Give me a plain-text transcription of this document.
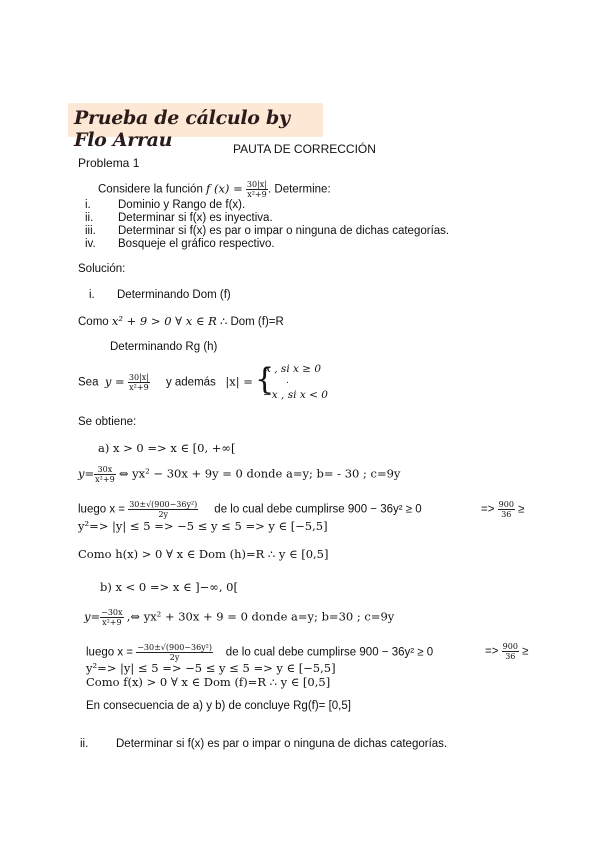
Prueba de cálculo by Flo Arrau	PAUTA DE CORRECCIÓN
Problema 1
Considere la función f $(x) = \frac{30|x|}{\text{x²+9}}$ . Determine:
i. Dominio y Rango de f(x).
ii. Determinar si f(x) es inyectiva.
iii. Determinar si f(x) es par o impar o ninguna de dichas categorías.
iv. Bosqueje el gráfico respectivo.
Solución:
i. Determinando Dom (f)
Como x² + 9 > 0 ∀ x ∈ R ∴ Dom (f)=R
Determinando Rg (h)
Sea $y = \frac{30|x|}{\text{x²+9}}$ y además |x| = {
x , si x ≥ 0
.
−x , si x < 0
Se obtiene:
a) x > 0 => x ∈ [0, +∞[
$y= \frac{30x}{\text{x²+9}}$ ⇔ yx² − 30x + 9y = 0 donde a=y; b= - 30 ; c=9y
luego $x = \frac{\text{30±√(900−36y²)}}{2y}$ de lo cual debe cumplirse 900 − 36y² ≥ 0	=> $\frac{900}{36}$ ≥
y²=> |y| ≤ 5 => −5 ≤ y ≤ 5 => y ∈ [−5,5]
Como h(x) > 0 ∀ x ∈ Dom (h)=R ∴ y ∈ [0,5]
b) x < 0 => x ∈ ]−∞, 0[
$y= \frac{-30x}{\text{x²+9}}$ ,⇔ yx² + 30x + 9 = 0 donde a=y; b=30 ; c=9y
luego $x = \frac{\text{−30±√(900−36y²)}}{2y}$ de lo cual debe cumplirse 900 − 36y² ≥ 0	=> $\frac{900}{36}$ ≥
y²=> |y| ≤ 5 => −5 ≤ y ≤ 5 => y ∈ [−5,5]
Como f(x) > 0 ∀ x ∈ Dom (f)=R ∴ y ∈ [0,5]
En consecuencia de a) y b) de concluye Rg(f)= [0,5]
ii. Determinar si f(x) es par o impar o ninguna de dichas categorías.
